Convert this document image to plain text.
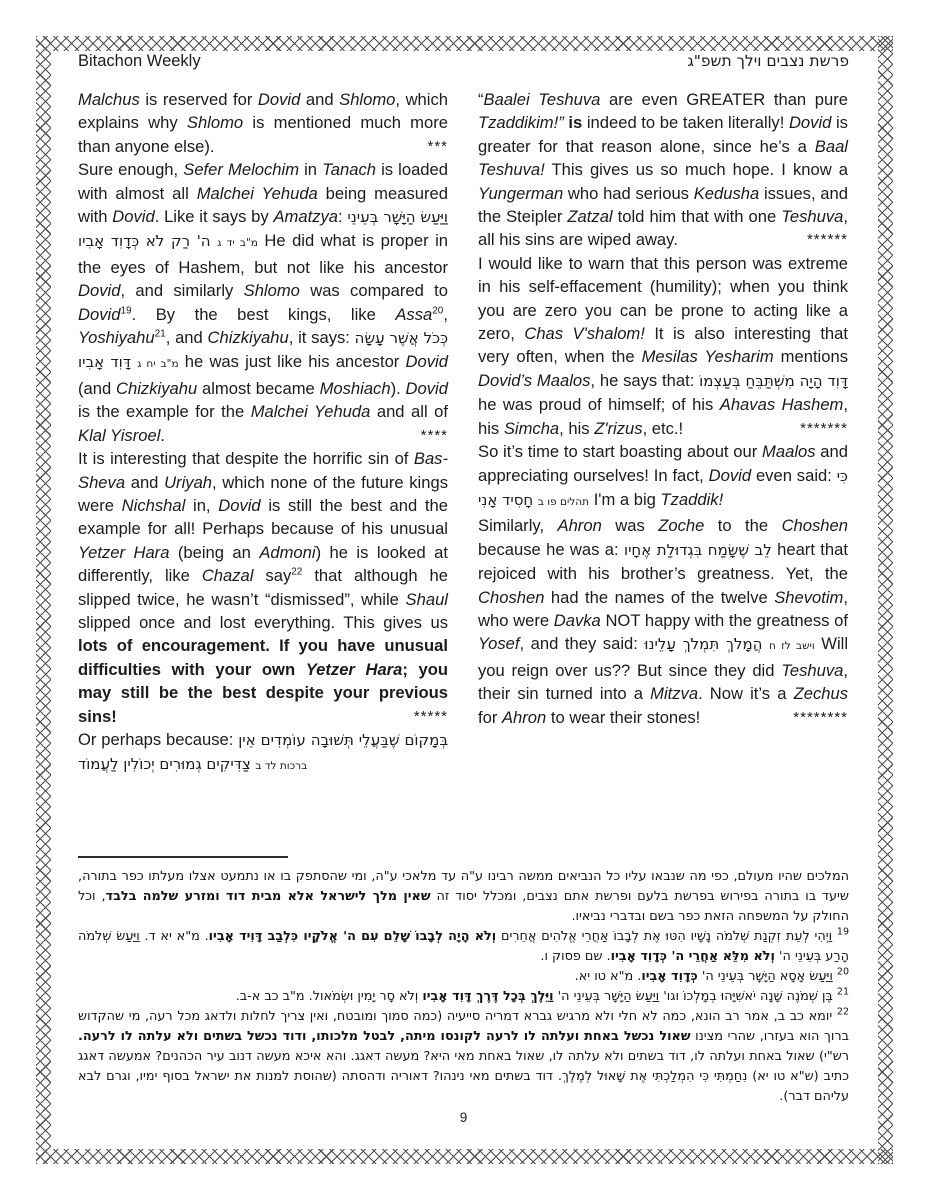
Bitachon Weekly	פרשת נצבים וילך תשפ"ג

Malchus is reserved for Dovid and Shlomo, which explains why Shlomo is mentioned much more than anyone else).	***

Sure enough, Sefer Melochim in Tanach is loaded with almost all Malchei Yehuda being measured with Dovid. Like it says by Amatzya: וַיַּעַשׂ הַיָּשָׁר בְּעֵינֵי ה' רַק לֹא כְּדָוִד אָבִיו מ"ב יד ג He did what is proper in the eyes of Hashem, but not like his ancestor Dovid, and similarly Shlomo was compared to Dovid$^{19}$. By the best kings, like Assa$^{20}$, Yoshiyahu$^{21}$, and Chizkiyahu, it says: כְּכֹל אֲשֶׁר עָשָׂה דָּוִד אָבִיו מ"ב יח ג he was just like his ancestor Dovid (and Chizkiyahu almost became Moshiach). Dovid is the example for the Malchei Yehuda and all of Klal Yisroel.	****

It is interesting that despite the horrific sin of Bas-Sheva and Uriyah, which none of the future kings were Nichshal in, Dovid is still the best and the example for all! Perhaps because of his unusual Yetzer Hara (being an Admoni) he is looked at differently, like Chazal say$^{22}$ that although he slipped twice, he wasn’t “dismissed”, while Shaul slipped once and lost everything. This gives us lots of encouragement. If you have unusual difficulties with your own Yetzer Hara; you may still be the best despite your previous sins!	*****

Or perhaps because: בְּמָקוֹם שֶׁבַּעֲלֵי תְּשׁוּבָה עוֹמְדִים אֵין צַדִּיקִים גְמוּרִים יְכוֹלִין לַעֲמוֹד ברכות לד ב

“Baalei Teshuva are even GREATER than pure Tzaddikim!” is indeed to be taken literally! Dovid is greater for that reason alone, since he’s a Baal Teshuva! This gives us so much hope. I know a Yungerman who had serious Kedusha issues, and the Steipler Zatzal told him that with one Teshuva, all his sins are wiped away.	******

I would like to warn that this person was extreme in his self-effacement (humility); when you think you are zero you can be prone to acting like a zero, Chas V'shalom! It is also interesting that very often, when the Mesilas Yesharim mentions Dovid’s Maalos, he says that: דָּוִד הָיָה מִשְׁתַּבֵּחַ בְּעַצְמוֹ he was proud of himself; of his Ahavas Hashem, his Simcha, his Z'rizus, etc.!	*******

So it’s time to start boasting about our Maalos and appreciating ourselves! In fact, Dovid even said: כִּי חָסִיד אָנִי תהלים פו ב I'm a big Tzaddik!

Similarly, Ahron was Zoche to the Choshen because he was a: לֵב שֶׁשָּׂמַח בִּגְדוּלַת אֶחָיו heart that rejoiced with his brother’s greatness. Yet, the Choshen had the names of the twelve Shevotim, who were Davka NOT happy with the greatness of Yosef, and they said: הֲמָלֹךְ תִּמְלֹךְ עָלֵינוּ וישב לז ח Will you reign over us?? But since they did Teshuva, their sin turned into a Mitzva. Now it’s a Zechus for Ahron to wear their stones!	********

המלכים שהיו מעולם, כפי מה שנבאו עליו כל הנביאים ממשה רבינו ע"ה עד מלאכי ע"ה, ומי שהסתפק בו או נתמעט אצלו מעלתו כפר בתורה, שיעד בו בתורה בפירוש בפרשת בלעם ופרשת אתם נצבים, ומכלל יסוד זה שאין מלך לישראל אלא מבית דוד ומזרע שלמה בלבד, וכל החולק על המשפחה הזאת כפר בשם ובדברי נביאיו.

$^{19}$ וַיְהִי לְעֵת זִקְנַת שְׁלֹמֹה נָשָׁיו הִטּוּ אֶת לְבָבוֹ אַחֲרֵי אֱלֹהִים אֲחֵרִים וְלֹא הָיָה לְבָבוֹ שָׁלֵם עִם ה' אֱלֹקָיו כִּלְבַב דָּוִיד אָבִיו. מ"א יא ד. וַיַּעַשׂ שְׁלֹמֹה הָרַע בְּעֵינֵי ה' וְלֹא מִלֵּא אַחֲרֵי ה' כְּדָוִד אָבִיו. שם פסוק ו.

$^{20}$ וַיַּעַשׂ אָסָא הַיָּשָׁר בְּעֵינֵי ה' כְּדָוִד אָבִיו. מ"א טו יא.

$^{21}$ בֶּן שְׁמֹנֶה שָׁנָה יֹאשִׁיָּהוּ בְמָלְכוֹ וגו' וַיַּעַשׂ הַיָּשָׁר בְּעֵינֵי ה' וַיֵּלֶךְ בְּכָל דֶּרֶךְ דָּוִד אָבִיו וְלֹא סָר יָמִין וּשְׂמֹאול. מ"ב כב א-ב.

$^{22}$ יומא כב ב, אמר רב הונא, כמה לא חלי ולא מרגיש גברא דמריה סייעיה (כמה סמוך ומובטח, ואין צריך לחלות ולדאג מכל רעה, מי שהקדוש ברוך הוא בעזרו, שהרי מצינו שאול נכשל באחת ועלתה לו לרעה לקונסו מיתה, לבטל מלכותו, ודוד נכשל בשתים ולא עלתה לו לרעה. רש"י) שאול באחת ועלתה לו, דוד בשתים ולא עלתה לו, שאול באחת מאי היא? מעשה דאגג. והא איכא מעשה דנוב עיר הכהנים? אמעשה דאגג כתיב (ש"א טו יא) נִחַמְתִּי כִּי הִמְלַכְתִּי אֶת שָׁאוּל לְמֶלֶךְ. דוד בשתים מאי נינהו? דאוריה ודהסתה (שהוסת למנות את ישראל בסוף ימיו, וגרם לבא עליהם דבר).

9
